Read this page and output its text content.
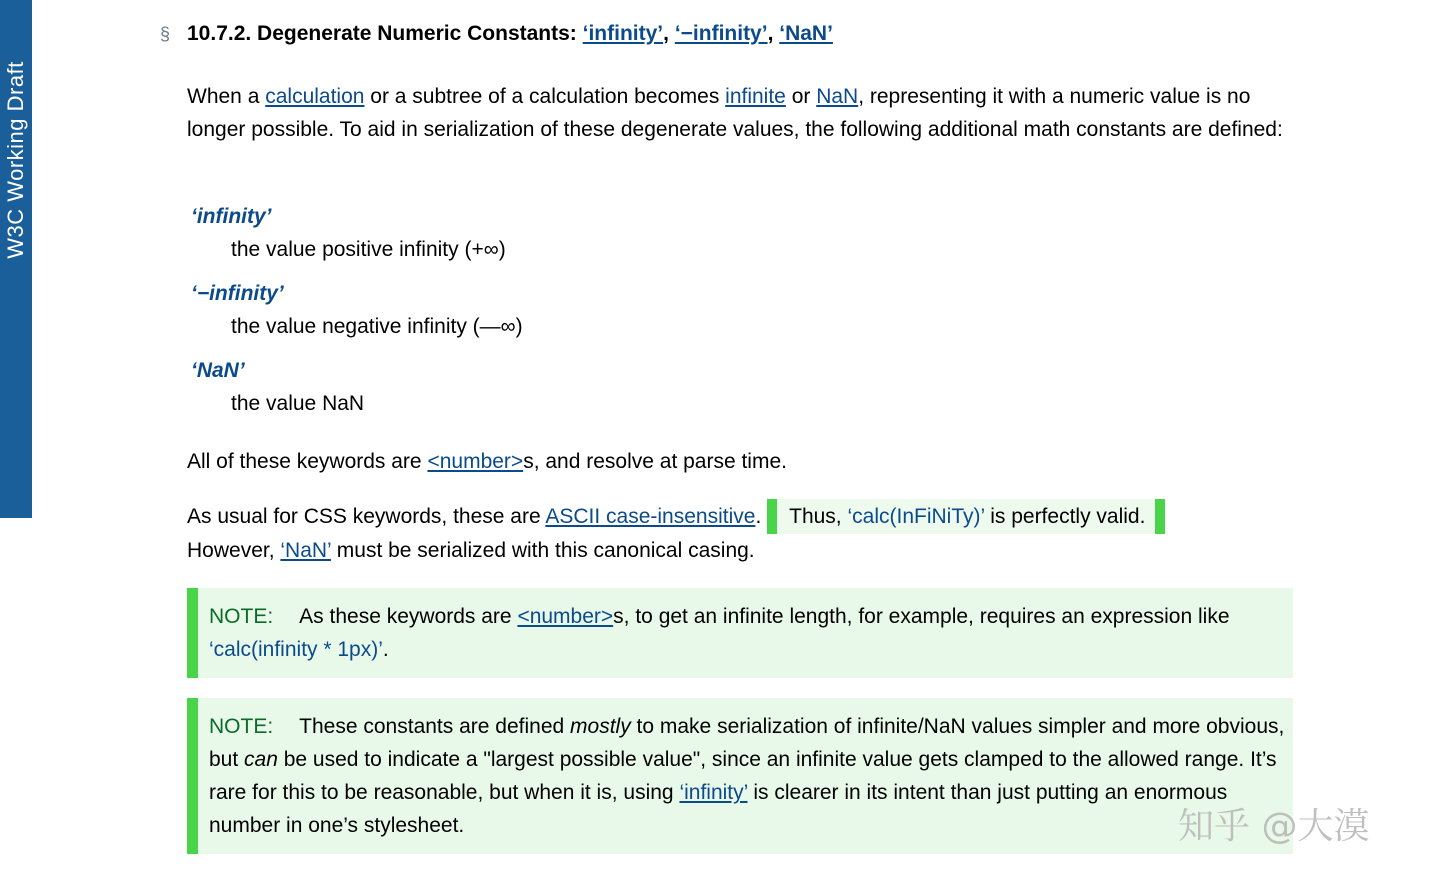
W3C Working Draft
§ 10.7.2. Degenerate Numeric Constants: ‘infinity’, ‘−infinity’, ‘NaN’

When a calculation or a subtree of a calculation becomes infinite or NaN, representing it with a numeric value is no longer possible. To aid in serialization of these degenerate values, the following additional math constants are defined:

‘infinity’
the value positive infinity (+∞)
‘−infinity’
the value negative infinity (—∞)
‘NaN’
the value NaN

All of these keywords are <number>s, and resolve at parse time.

As usual for CSS keywords, these are ASCII case-insensitive. Thus, ‘calc(InFiNiTy)’ is perfectly valid.
However, ‘NaN’ must be serialized with this canonical casing.

NOTE: As these keywords are <number>s, to get an infinite length, for example, requires an expression like ‘calc(infinity * 1px)’.
NOTE: These constants are defined mostly to make serialization of infinite/NaN values simpler and more obvious, but can be used to indicate a "largest possible value", since an infinite value gets clamped to the allowed range. It’s rare for this to be reasonable, but when it is, using ‘infinity’ is clearer in its intent than just putting an enormous number in one’s stylesheet.	知乎 @大漠
